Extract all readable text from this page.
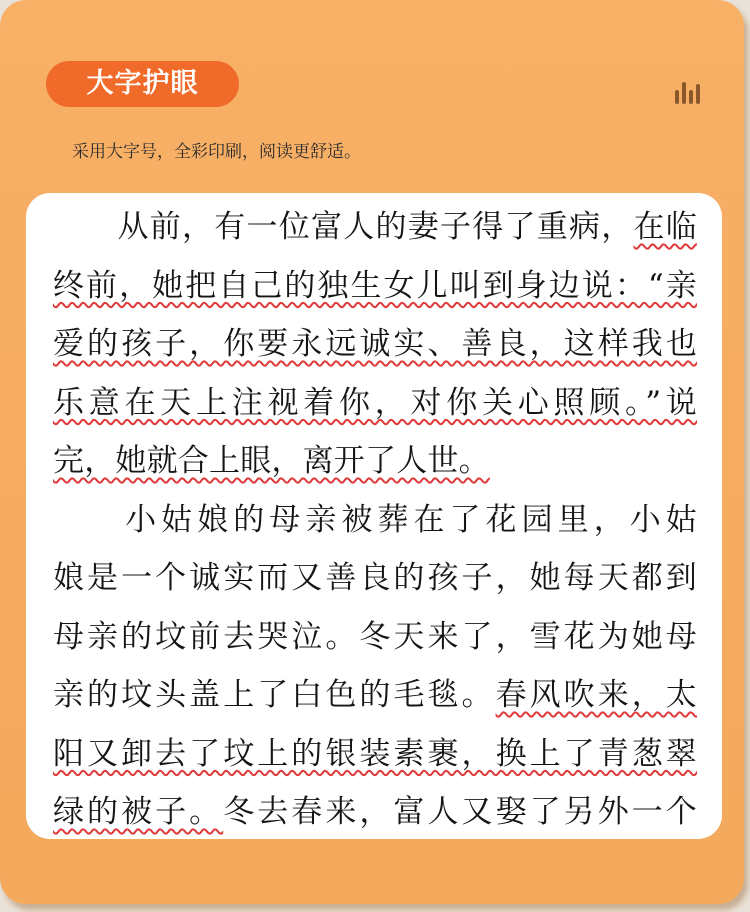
大字护眼
采用大字号，全彩印刷，阅读更舒适。
　　从前，有一位富人的妻子得了重病，在临
终前，她把自己的独生女儿叫到身边说：“亲
爱的孩子，你要永远诚实、善良，这样我也
乐意在天上注视着你，对你关心照顾。”说
完，她就合上眼，离开了人世。
　　小姑娘的母亲被葬在了花园里，小姑
娘是一个诚实而又善良的孩子，她每天都到
母亲的坟前去哭泣。冬天来了，雪花为她母
亲的坟头盖上了白色的毛毯。春风吹来，太
阳又卸去了坟上的银装素裹，换上了青葱翠
绿的被子。冬去春来，富人又娶了另外一个
